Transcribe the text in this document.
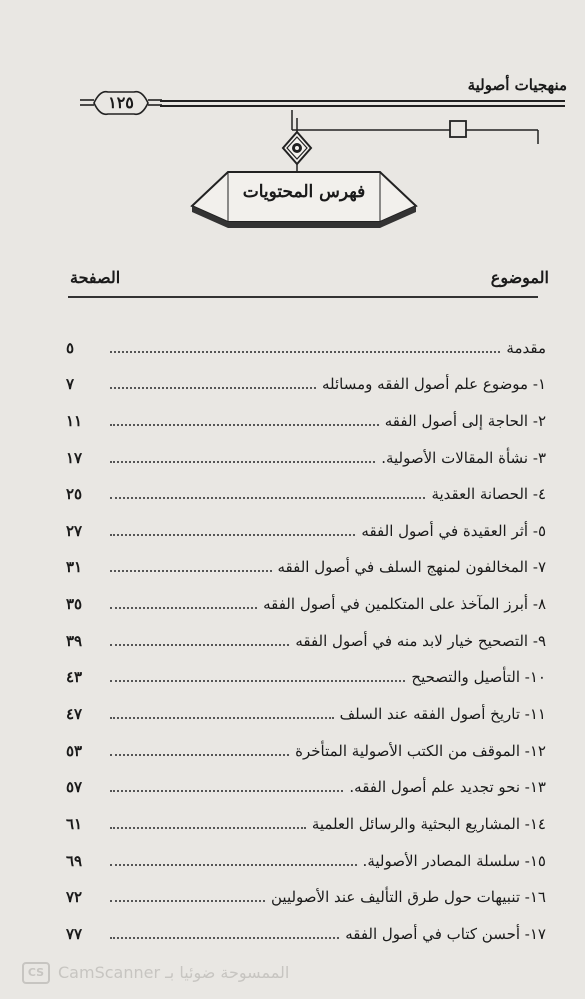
منهجيات أصولية
١٢٥
فهرس المحتويات
الموضوع
الصفحة
مقدمة
٥
١- موضوع علم أصول الفقه ومسائله
٧
٢- الحاجة إلى أصول الفقه
١١
٣- نشأة المقالات الأصولية.
١٧
٤- الحصانة العقدية
٢٥
٥- أثر العقيدة في أصول الفقه
٢٧
٧- المخالفون لمنهج السلف في أصول الفقه
٣١
٨- أبرز المآخذ على المتكلمين في أصول الفقه
٣٥
٩- التصحيح خيار لابد منه في أصول الفقه
٣٩
١٠- التأصيل والتصحيح
٤٣
١١- تاريخ أصول الفقه عند السلف
٤٧
١٢- الموقف من الكتب الأصولية المتأخرة
٥٣
١٣- نحو تجديد علم أصول الفقه.
٥٧
١٤- المشاريع البحثية والرسائل العلمية
٦١
١٥- سلسلة المصادر الأصولية.
٦٩
١٦- تنبيهات حول طرق التأليف عند الأصوليين
٧٢
١٧- أحسن كتاب في أصول الفقه
٧٧
CS CamScanner الممسوحة ضوئيا بـ
